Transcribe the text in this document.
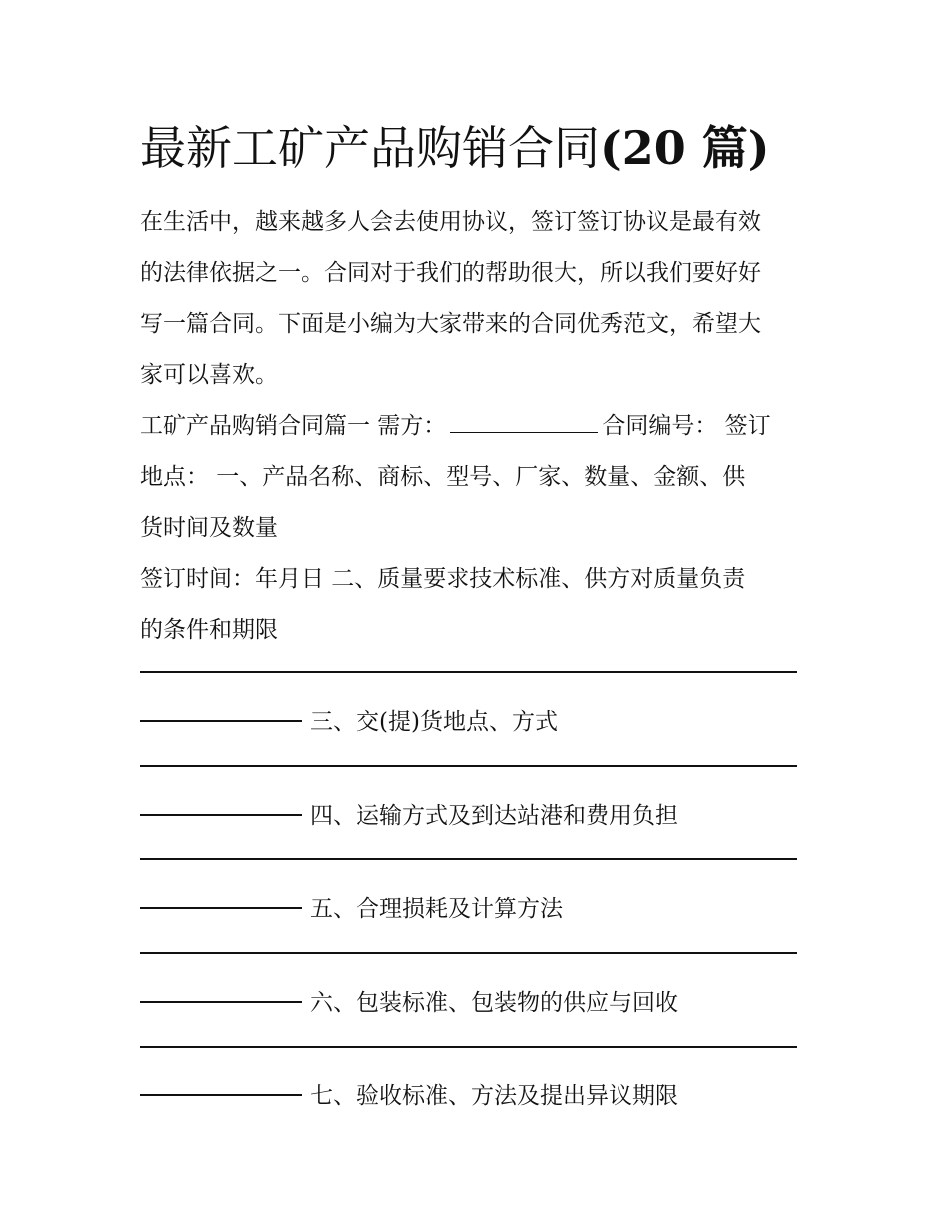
最新工矿产品购销合同(20 篇)

在生活中，越来越多人会去使用协议，签订签订协议是最有效

的法律依据之一。合同对于我们的帮助很大，所以我们要好好

写一篇合同。下面是小编为大家带来的合同优秀范文，希望大

家可以喜欢。

工矿产品购销合同篇一 需方：	合同编号： 签订

地点： 一、产品名称、商标、型号、厂家、数量、金额、供

货时间及数量

签订时间：年月日 二、质量要求技术标准、供方对质量负责

的条件和期限

三、交(提)货地点、方式

四、运输方式及到达站港和费用负担

五、合理损耗及计算方法

六、包装标准、包装物的供应与回收

七、验收标准、方法及提出异议期限
